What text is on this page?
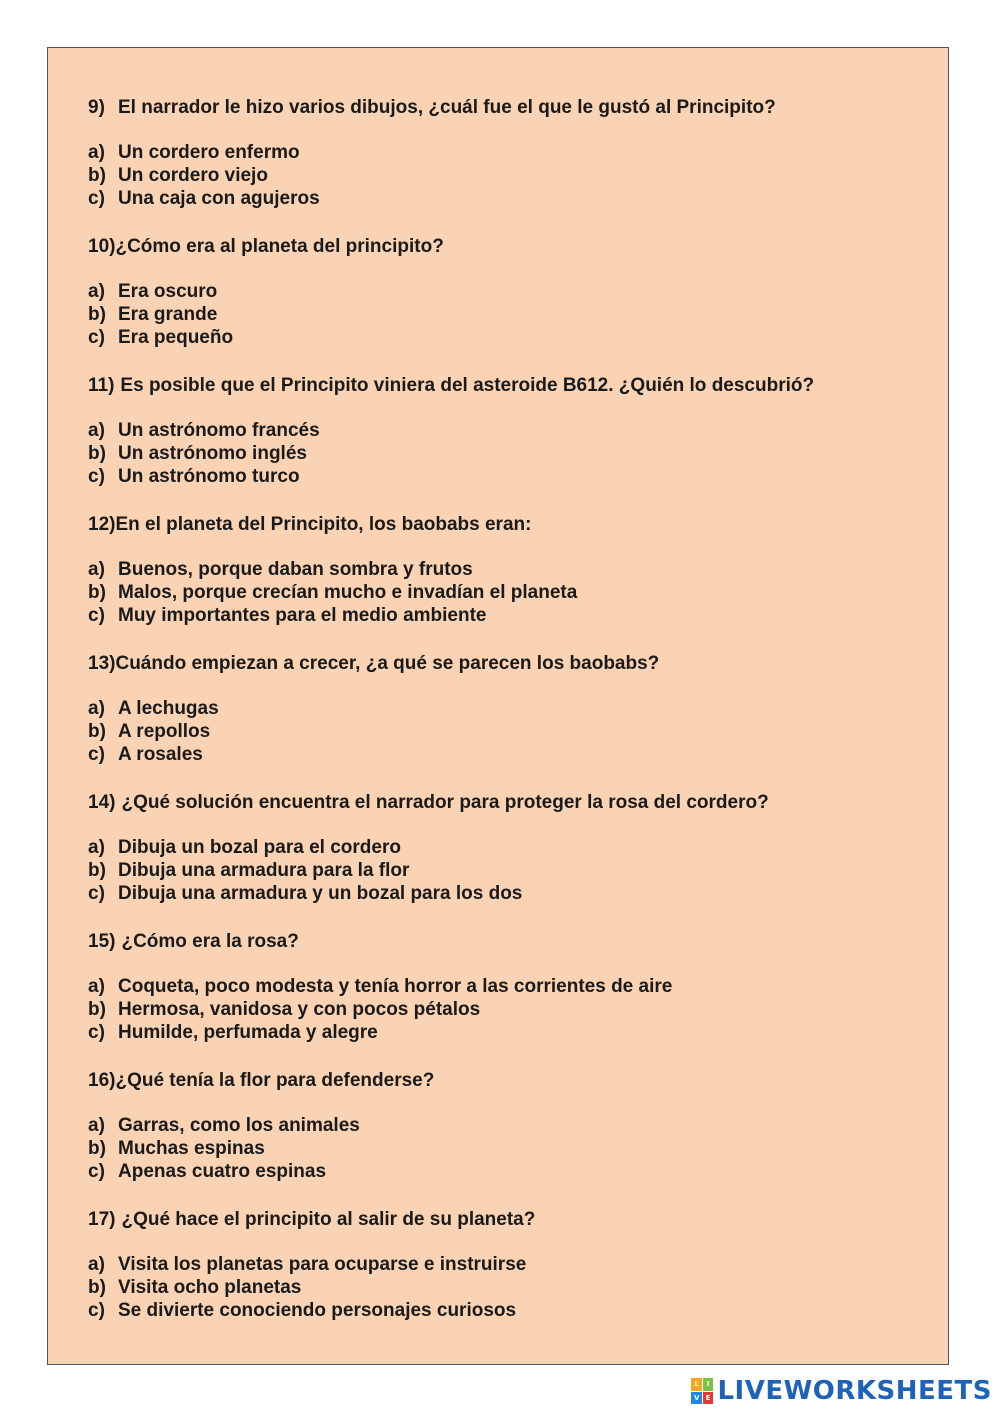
9) El narrador le hizo varios dibujos, ¿cuál fue el que le gustó al Principito?
a) Un cordero enfermo
b) Un cordero viejo
c) Una caja con agujeros
10)¿Cómo era al planeta del principito?
a) Era oscuro
b) Era grande
c) Era pequeño
11) Es posible que el Principito viniera del asteroide B612. ¿Quién lo descubrió?
a) Un astrónomo francés
b) Un astrónomo inglés
c) Un astrónomo turco
12)En el planeta del Principito, los baobabs eran:
a) Buenos, porque daban sombra y frutos
b) Malos, porque crecían mucho e invadían el planeta
c) Muy importantes para el medio ambiente
13)Cuándo empiezan a crecer, ¿a qué se parecen los baobabs?
a) A lechugas
b) A repollos
c) A rosales
14) ¿Qué solución encuentra el narrador para proteger la rosa del cordero?
a) Dibuja un bozal para el cordero
b) Dibuja una armadura para la flor
c) Dibuja una armadura y un bozal para los dos
15) ¿Cómo era la rosa?
a) Coqueta, poco modesta y tenía horror a las corrientes de aire
b) Hermosa, vanidosa y con pocos pétalos
c) Humilde, perfumada y alegre
16)¿Qué tenía la flor para defenderse?
a) Garras, como los animales
b) Muchas espinas
c) Apenas cuatro espinas
17) ¿Qué hace el principito al salir de su planeta?
a) Visita los planetas para ocuparse e instruirse
b) Visita ocho planetas
c) Se divierte conociendo personajes curiosos
L	I
V E LIVEWORKSHEETS
